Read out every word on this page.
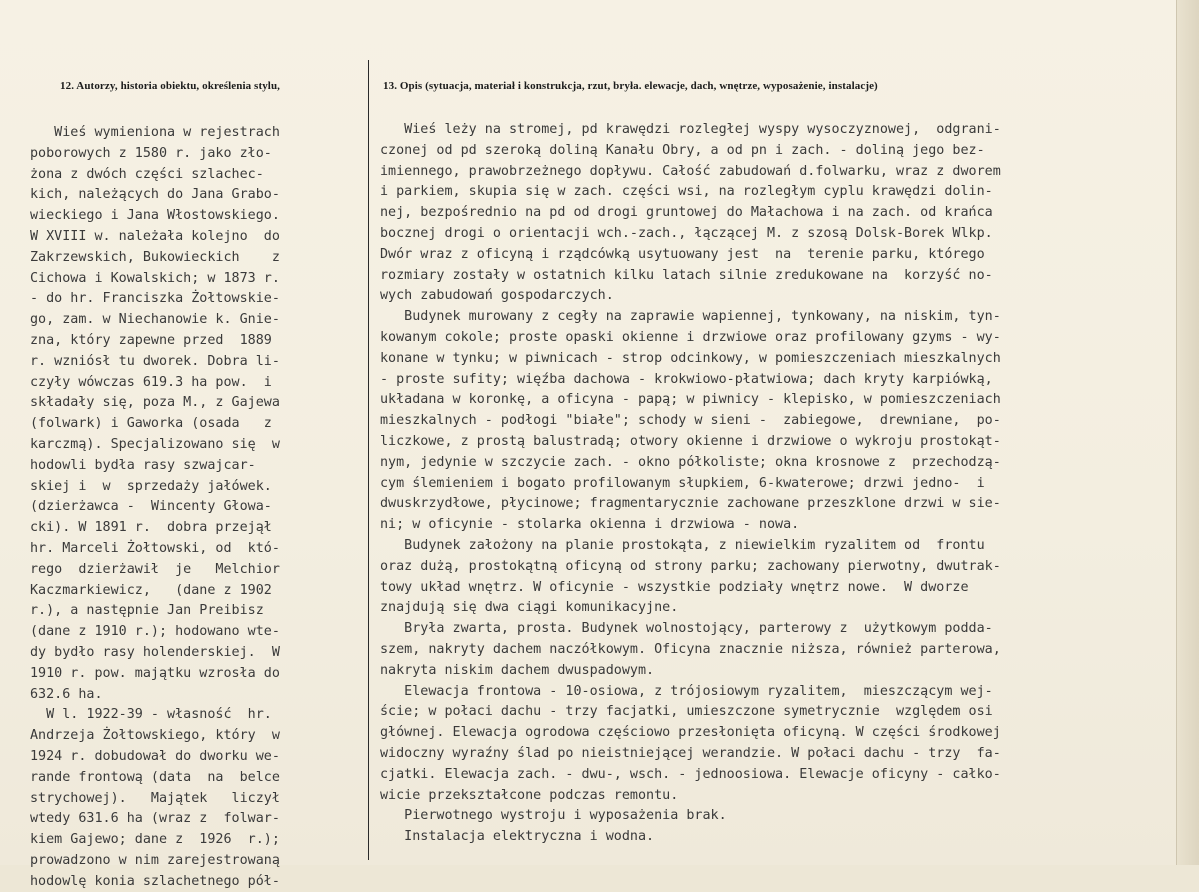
12. Autorzy, historia obiektu, określenia stylu,	13. Opis (sytuacja, materiał i konstrukcja, rzut, bryła. elewacje, dach, wnętrze, wyposażenie, instalacje)
Wieś wymieniona w rejestrach
poborowych z 1580 r. jako zło-
żona z dwóch części szlachec-
kich, należących do Jana Grabo-
wieckiego i Jana Włostowskiego.
W XVIII w. należała kolejno  do
Zakrzewskich, Bukowieckich    z
Cichowa i Kowalskich; w 1873 r.
- do hr. Franciszka Żołtowskie-
go, zam. w Niechanowie k. Gnie-
zna, który zapewne przed  1889
r. wzniósł tu dworek. Dobra li-
czyły wówczas 619.3 ha pow.  i
składały się, poza M., z Gajewa
(folwark) i Gaworka (osada   z
karczmą). Specjalizowano się  w
hodowli bydła rasy szwajcar-
skiej i  w  sprzedaży jałówek.
(dzierżawca -  Wincenty Głowa-
cki). W 1891 r.  dobra przejął
hr. Marceli Żołtowski, od  któ-
rego  dzierżawił  je   Melchior
Kaczmarkiewicz,   (dane z 1902
r.), a następnie Jan Preibisz
(dane z 1910 r.); hodowano wte-
dy bydło rasy holenderskiej.  W
1910 r. pow. majątku wzrosła do
632.6 ha.
W l. 1922-39 - własność  hr.
Andrzeja Żołtowskiego, który  w
1924 r. dobudował do dworku we-
rande frontową (data  na  belce
strychowej).   Majątek   liczył
wtedy 631.6 ha (wraz z  folwar-
kiem Gajewo; dane z  1926  r.);
prowadzono w nim zarejestrowaną
hodowlę konia szlachetnego pół-
Wieś leży na stromej, pd krawędzi rozległej wyspy wysoczyznowej,  odgrani-
czonej od pd szeroką doliną Kanału Obry, a od pn i zach. - doliną jego bez-
imiennego, prawobrzeżnego dopływu. Całość zabudowań d.folwarku, wraz z dworem
i parkiem, skupia się w zach. części wsi, na rozległym cyplu krawędzi dolin-
nej, bezpośrednio na pd od drogi gruntowej do Małachowa i na zach. od krańca
bocznej drogi o orientacji wch.-zach., łączącej M. z szosą Dolsk-Borek Wlkp.
Dwór wraz z oficyną i rządcówką usytuowany jest  na  terenie parku, którego
rozmiary zostały w ostatnich kilku latach silnie zredukowane na  korzyść no-
wych zabudowań gospodarczych.
Budynek murowany z cegły na zaprawie wapiennej, tynkowany, na niskim, tyn-
kowanym cokole; proste opaski okienne i drzwiowe oraz profilowany gzyms - wy-
konane w tynku; w piwnicach - strop odcinkowy, w pomieszczeniach mieszkalnych
- proste sufity; więźba dachowa - krokwiowo-płatwiowa; dach kryty karpiówką,
układana w koronkę, a oficyna - papą; w piwnicy - klepisko, w pomieszczeniach
mieszkalnych - podłogi "białe"; schody w sieni -  zabiegowe,  drewniane,  po-
liczkowe, z prostą balustradą; otwory okienne i drzwiowe o wykroju prostokąt-
nym, jedynie w szczycie zach. - okno półkoliste; okna krosnowe z  przechodzą-
cym ślemieniem i bogato profilowanym słupkiem, 6-kwaterowe; drzwi jedno-  i
dwuskrzydłowe, płycinowe; fragmentarycznie zachowane przeszklone drzwi w sie-
ni; w oficynie - stolarka okienna i drzwiowa - nowa.
Budynek założony na planie prostokąta, z niewielkim ryzalitem od  frontu
oraz dużą, prostokątną oficyną od strony parku; zachowany pierwotny, dwutrak-
towy układ wnętrz. W oficynie - wszystkie podziały wnętrz nowe.  W dworze
znajdują się dwa ciągi komunikacyjne.
Bryła zwarta, prosta. Budynek wolnostojący, parterowy z  użytkowym podda-
szem, nakryty dachem naczółkowym. Oficyna znacznie niższa, również parterowa,
nakryta niskim dachem dwuspadowym.
Elewacja frontowa - 10-osiowa, z trójosiowym ryzalitem,  mieszczącym wej-
ście; w połaci dachu - trzy facjatki, umieszczone symetrycznie  względem osi
głównej. Elewacja ogrodowa częściowo przesłonięta oficyną. W części środkowej
widoczny wyraźny ślad po nieistniejącej werandzie. W połaci dachu - trzy  fa-
cjatki. Elewacja zach. - dwu-, wsch. - jednoosiowa. Elewacje oficyny - całko-
wicie przekształcone podczas remontu.
Pierwotnego wystroju i wyposażenia brak.
Instalacja elektryczna i wodna.
